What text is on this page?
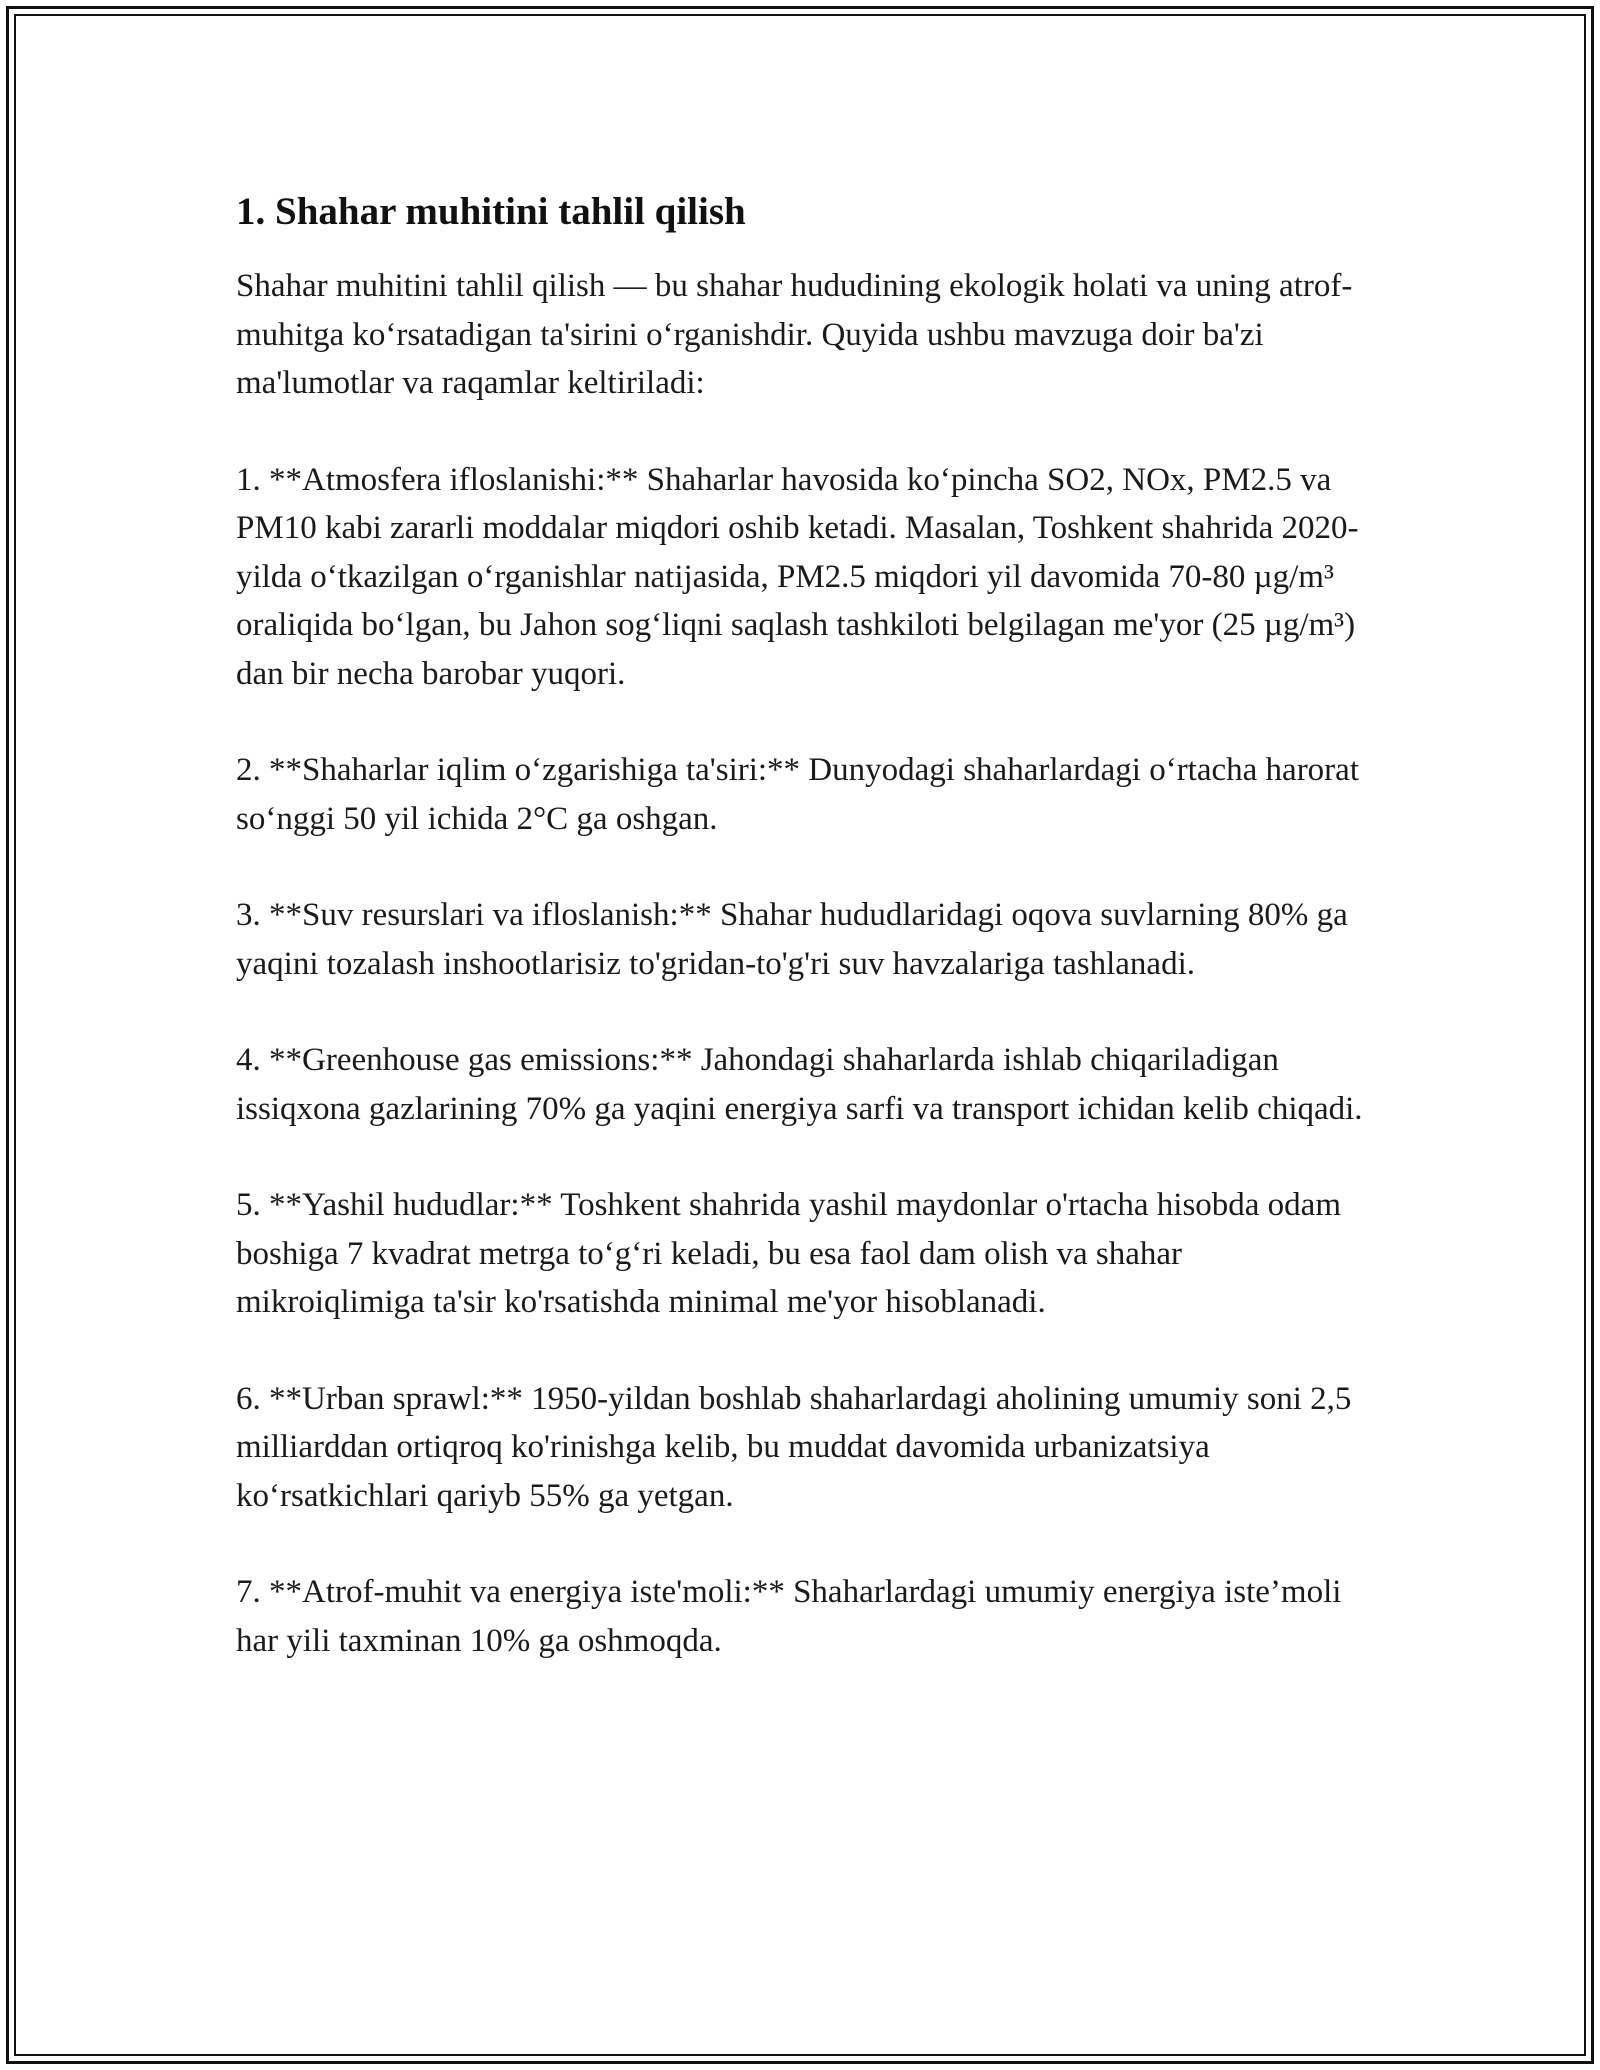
1. Shahar muhitini tahlil qilish

Shahar muhitini tahlil qilish — bu shahar hududining ekologik holati va uning atrof-muhitga koʻrsatadigan ta'sirini oʻrganishdir. Quyida ushbu mavzuga doir ba'zi ma'lumotlar va raqamlar keltiriladi:

1. **Atmosfera ifloslanishi:** Shaharlar havosida koʻpincha SO2, NOx, PM2.5 va PM10 kabi zararli moddalar miqdori oshib ketadi. Masalan, Toshkent shahrida 2020-yilda oʻtkazilgan oʻrganishlar natijasida, PM2.5 miqdori yil davomida 70-80 µg/m³ oraliqida boʻlgan, bu Jahon sogʻliqni saqlash tashkiloti belgilagan me'yor (25 µg/m³) dan bir necha barobar yuqori.

2. **Shaharlar iqlim oʻzgarishiga ta'siri:** Dunyodagi shaharlardagi oʻrtacha harorat soʻnggi 50 yil ichida 2°C ga oshgan.

3. **Suv resurslari va ifloslanish:** Shahar hududlaridagi oqova suvlarning 80% ga yaqini tozalash inshootlarisiz to'gridan-to'g'ri suv havzalariga tashlanadi.

4. **Greenhouse gas emissions:** Jahondagi shaharlarda ishlab chiqariladigan issiqxona gazlarining 70% ga yaqini energiya sarfi va transport ichidan kelib chiqadi.

5. **Yashil hududlar:** Toshkent shahrida yashil maydonlar o'rtacha hisobda odam boshiga 7 kvadrat metrga toʻgʻri keladi, bu esa faol dam olish va shahar mikroiqlimiga ta'sir ko'rsatishda minimal me'yor hisoblanadi.

6. **Urban sprawl:** 1950-yildan boshlab shaharlardagi aholining umumiy soni 2,5 milliarddan ortiqroq ko'rinishga kelib, bu muddat davomida urbanizatsiya koʻrsatkichlari qariyb 55% ga yetgan.

7. **Atrof-muhit va energiya iste'moli:** Shaharlardagi umumiy energiya iste’moli har yili taxminan 10% ga oshmoqda.
